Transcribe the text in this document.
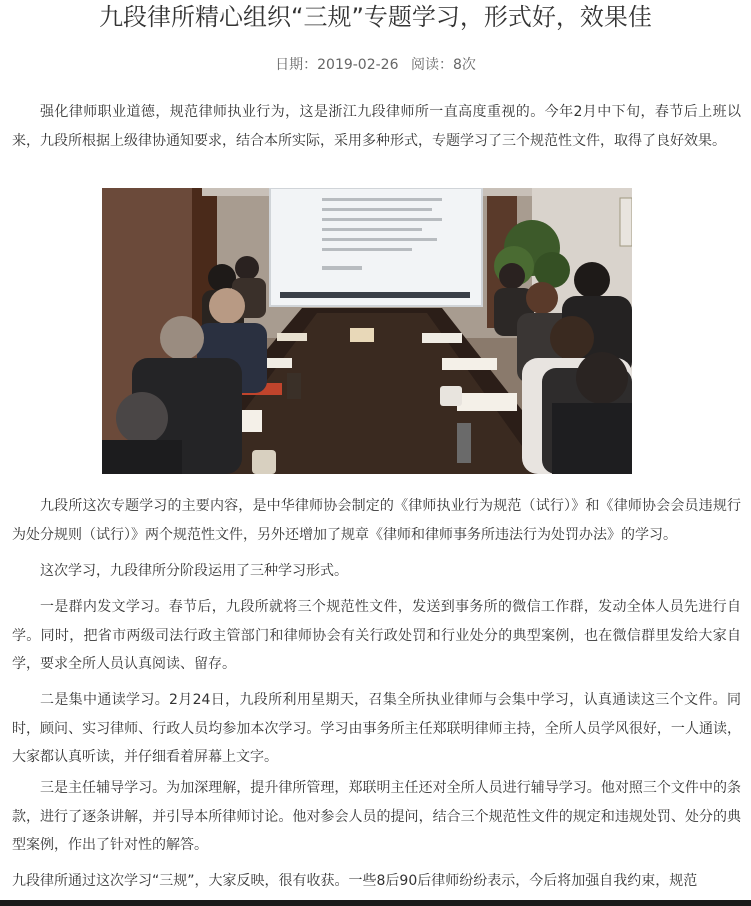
九段律所精心组织“三规”专题学习，形式好，效果佳
日期：2019-02-26 阅读：8次

强化律师职业道德，规范律师执业行为，这是浙江九段律师所一直高度重视的。今年2月中下旬，春节后上班以来，九段所根据上级律协通知要求，结合本所实际，采用多种形式，专题学习了三个规范性文件，取得了良好效果。

九段所这次专题学习的主要内容，是中华律师协会制定的《律师执业行为规范（试行）》和《律师协会会员违规行为处分规则（试行）》两个规范性文件，另外还增加了规章《律师和律师事务所违法行为处罚办法》的学习。

这次学习，九段律所分阶段运用了三种学习形式。

一是群内发文学习。春节后，九段所就将三个规范性文件，发送到事务所的微信工作群，发动全体人员先进行自学。同时，把省市两级司法行政主管部门和律师协会有关行政处罚和行业处分的典型案例，也在微信群里发给大家自学，要求全所人员认真阅读、留存。

二是集中通读学习。2月24日，九段所利用星期天，召集全所执业律师与会集中学习，认真通读这三个文件。同时，顾问、实习律师、行政人员均参加本次学习。学习由事务所主任郑联明律师主持，全所人员学风很好，一人通读，大家都认真听读，并仔细看着屏幕上文字。

三是主任辅导学习。为加深理解，提升律所管理，郑联明主任还对全所人员进行辅导学习。他对照三个文件中的条款，进行了逐条讲解，并引导本所律师讨论。他对参会人员的提问，结合三个规范性文件的规定和违规处罚、处分的典型案例，作出了针对性的解答。

九段律所通过这次学习“三规”，大家反映，很有收获。一些8后90后律师纷纷表示，今后将加强自我约束，规范
